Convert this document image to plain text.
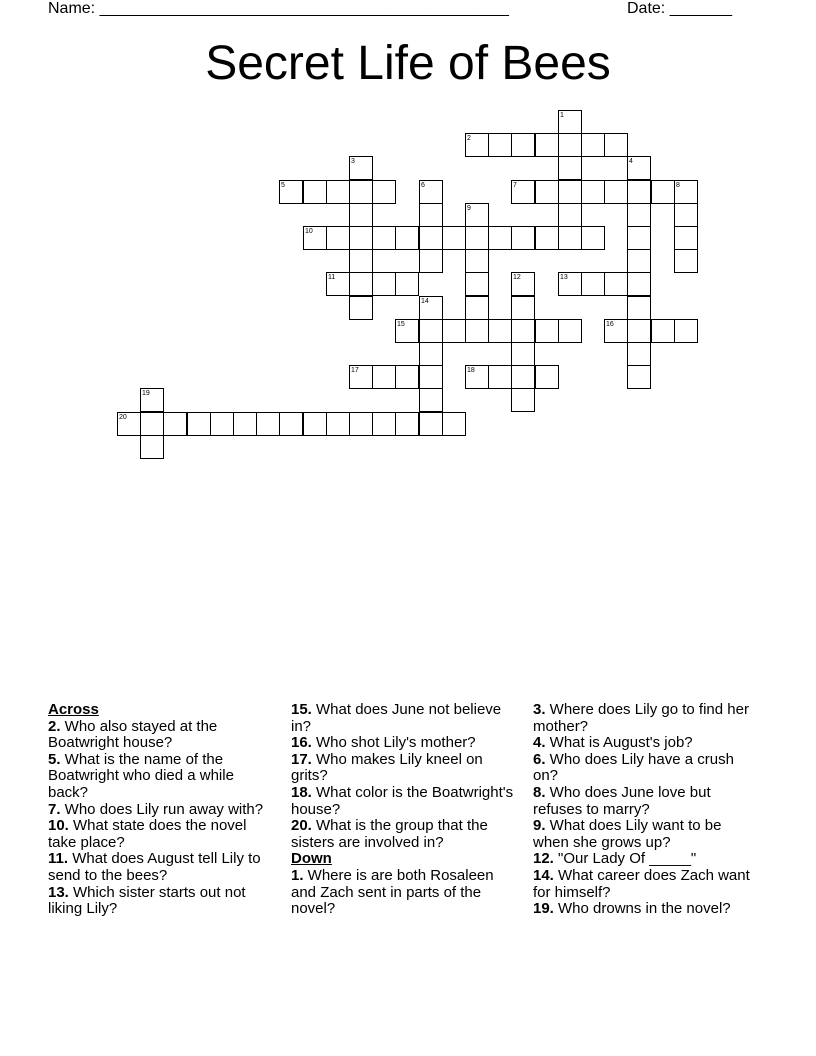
Name: ______________________________________________	Date: _______
Secret Life of Bees
1
2
3	4
5	6	7	8
9
10
11	12	13
14
15	16
17	18
19
20
Across
2. Who also stayed at the Boatwright house?
5. What is the name of the Boatwright who died a while back?
7. Who does Lily run away with?
10. What state does the novel take place?
11. What does August tell Lily to send to the bees?
13. Which sister starts out not liking Lily?
15. What does June not believe in?
16. Who shot Lily's mother?
17. Who makes Lily kneel on grits?
18. What color is the Boatwright's house?
20. What is the group that the sisters are involved in?
Down
1. Where is are both Rosaleen and Zach sent in parts of the novel?
3. Where does Lily go to find her mother?
4. What is August's job?
6. Who does Lily have a crush on?
8. Who does June love but refuses to marry?
9. What does Lily want to be when she grows up?
12. "Our Lady Of _____"
14. What career does Zach want for himself?
19. Who drowns in the novel?
